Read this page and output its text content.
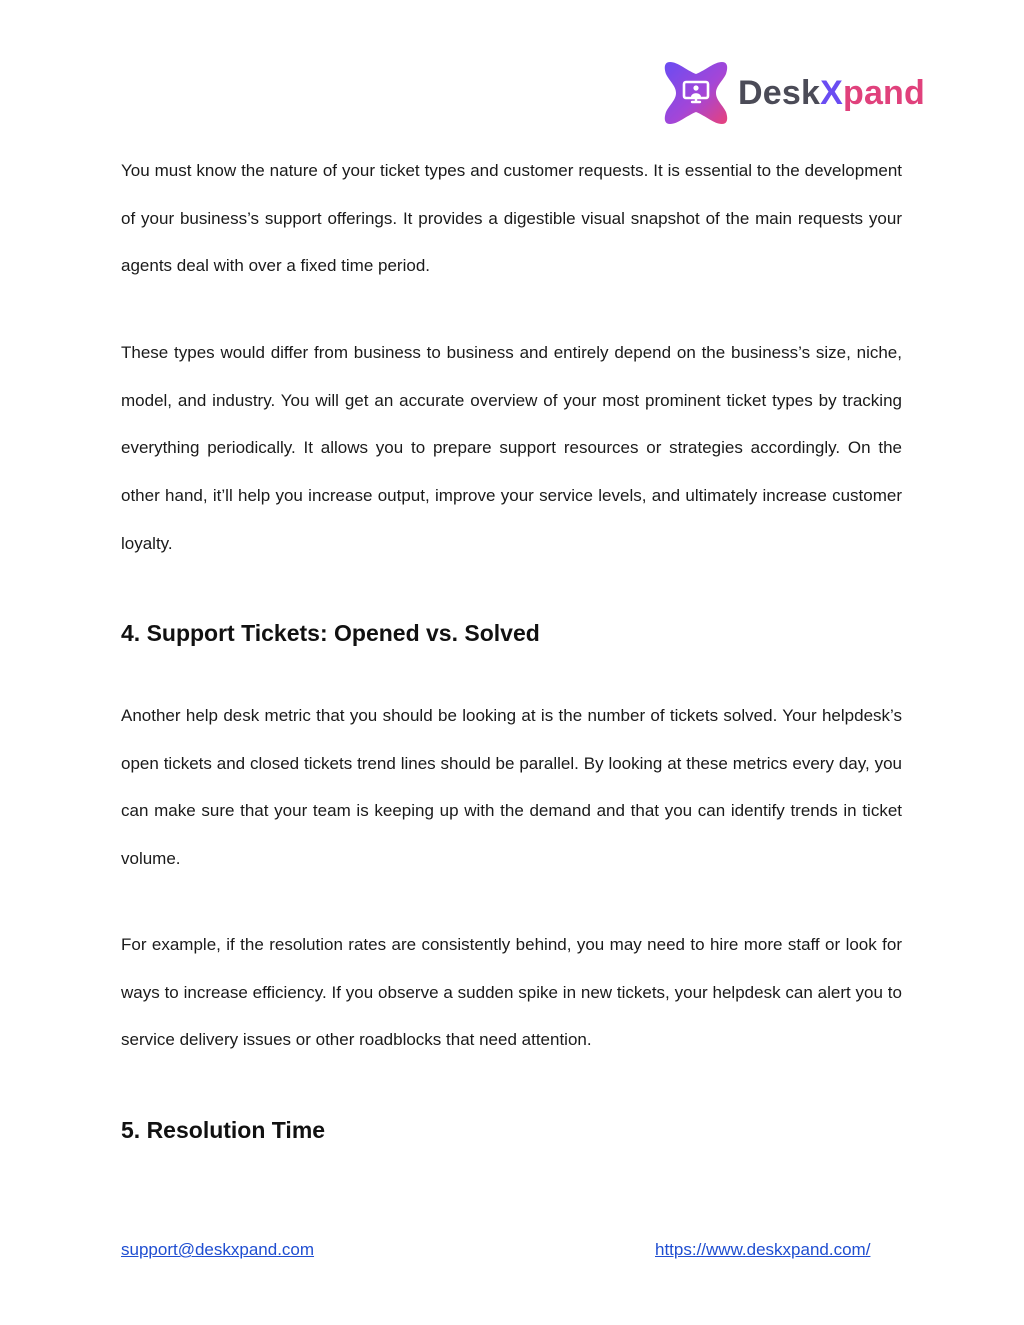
DeskXpand

You must know the nature of your ticket types and customer requests. It is essential to the development of your business’s support offerings. It provides a digestible visual snapshot of the main requests your agents deal with over a fixed time period.

These types would differ from business to business and entirely depend on the business’s size, niche, model, and industry. You will get an accurate overview of your most prominent ticket types by tracking everything periodically. It allows you to prepare support resources or strategies accordingly. On the other hand, it’ll help you increase output, improve your service levels, and ultimately increase customer loyalty.

4. Support Tickets: Opened vs. Solved

Another help desk metric that you should be looking at is the number of tickets solved. Your helpdesk’s open tickets and closed tickets trend lines should be parallel. By looking at these metrics every day, you can make sure that your team is keeping up with the demand and that you can identify trends in ticket volume.

For example, if the resolution rates are consistently behind, you may need to hire more staff or look for ways to increase efficiency. If you observe a sudden spike in new tickets, your helpdesk can alert you to service delivery issues or other roadblocks that need attention.

5. Resolution Time
support@deskxpand.com	https://www.deskxpand.com/
